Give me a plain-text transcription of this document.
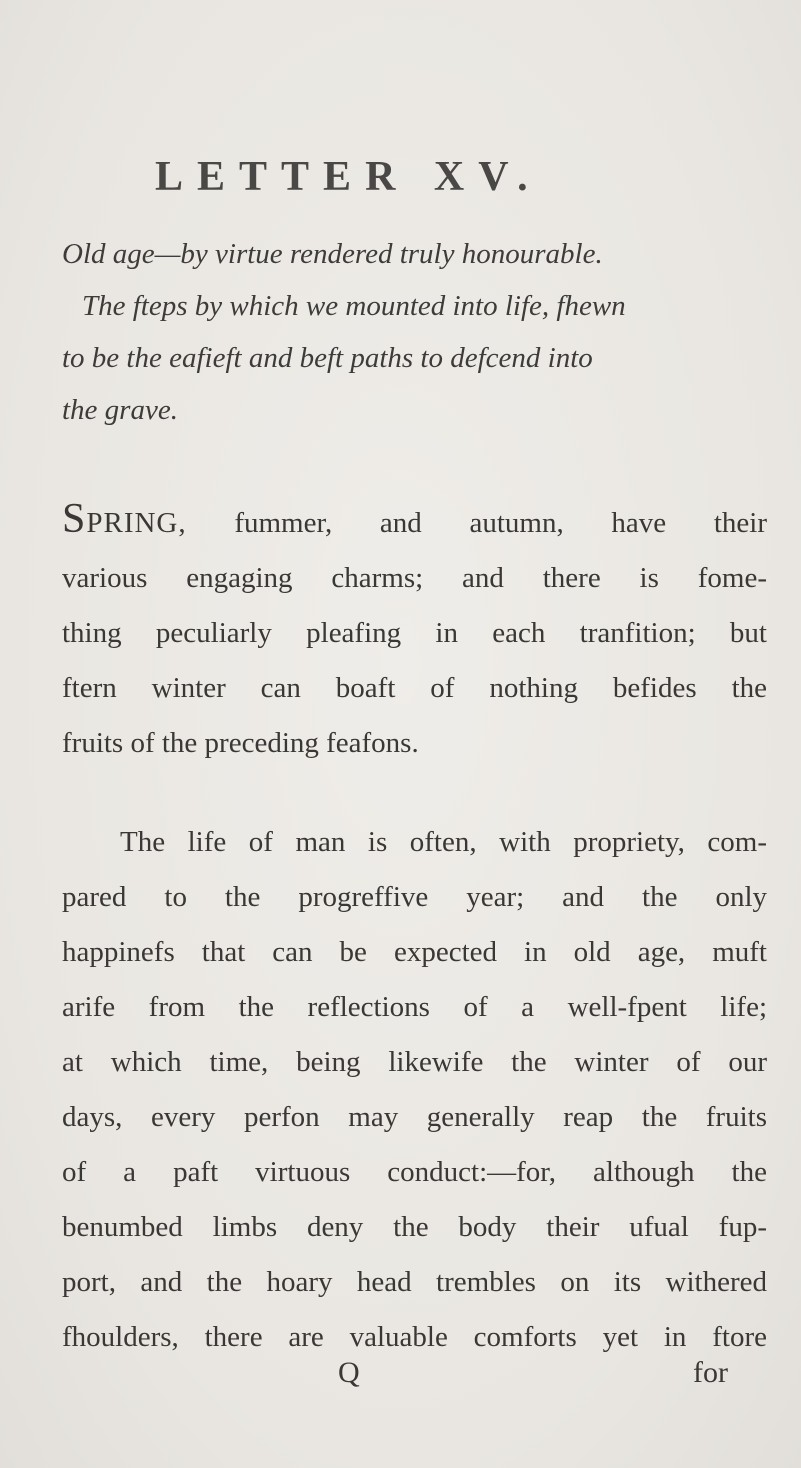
LETTER XV.
Old age—by virtue rendered truly honourable.
The fteps by which we mounted into life, fhewn
to be the eafieft and beft paths to defcend into
the grave.
SPRING, fummer, and autumn, have their
various engaging charms; and there is fome-
thing peculiarly pleafing in each tranfition; but
ftern winter can boaft of nothing befides the
fruits of the preceding feafons.
The life of man is often, with propriety, com-
pared to the progreffive year; and the only
happinefs that can be expected in old age, muft
arife from the reflections of a well-fpent life;
at which time, being likewife the winter of our
days, every perfon may generally reap the fruits
of a paft virtuous conduct:—for, although the
benumbed limbs deny the body their ufual fup-
port, and the hoary head trembles on its withered
fhoulders, there are valuable comforts yet in ftore
Q	for
